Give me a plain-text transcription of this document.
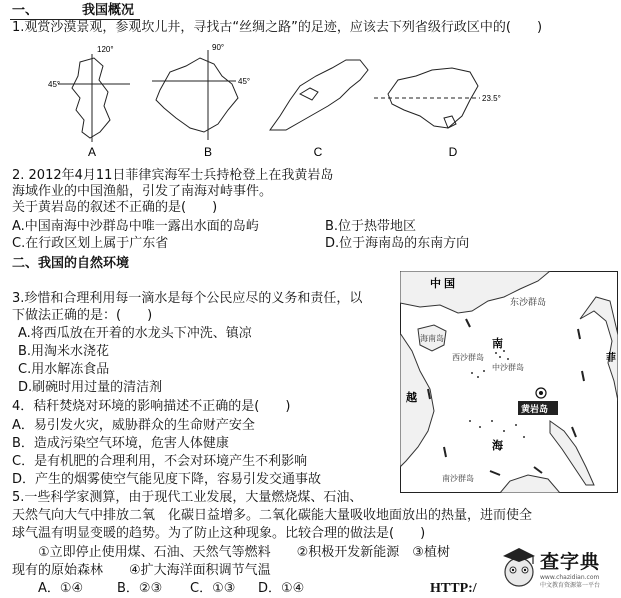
一、	我国概况
1.观赏沙漠景观，参观坎儿井，寻找古“丝绸之路”的足迹，应该去下列省级行政区中的(　　)
120°
45°
A
90°
45°
B	C
23.5°
D
2. 2012年4月11日菲律宾海军士兵持枪登上在我黄岩岛
海域作业的中国渔船，引发了南海对峙事件。
关于黄岩岛的叙述不正确的是(　　)
A.中国南海中沙群岛中唯一露出水面的岛屿	B.位于热带地区
C.在行政区划上属于广东省	D.位于海南岛的东南方向
二、我国的自然环境
3.珍惜和合理利用每一滴水是每个公民应尽的义务和责任，以
下做法正确的是：(　　)
A.将西瓜放在开着的水龙头下冲洗、镇凉
B.用淘米水浇花
C.用水解冻食品
D.刷碗时用过量的清洁剂
4．秸秆焚烧对环境的影响描述不正确的是(　　)
A．易引发火灾，威胁群众的生命财产安全
B．造成污染空气环境，危害人体健康
C．是有机肥的合理利用，不会对环境产生不利影响
D．产生的烟雾使空气能见度下降，容易引发交通事故
5.一些科学家测算，由于现代工业发展，大量燃烧煤、石油、
天然气向大气中排放二氧　化碳日益增多。二氧化碳能大量吸收地面放出的热量，进而使全
球气温有明显变暖的趋势。为了防止这种现象。比较合理的做法是(　　)
　　①立即停止使用煤、石油、天然气等燃料　　②积极开发新能源　③植树
现有的原始森林　　④扩大海洋面积调节气温
A．①④	B．②③ C．①③ D．①④
中 国
东沙群岛
海南岛
西沙群岛
南
中沙群岛
黄岩岛
越
海
南沙群岛
菲
查字典
www.chazidian.com
中文教育资源第一平台
HTTP:/
